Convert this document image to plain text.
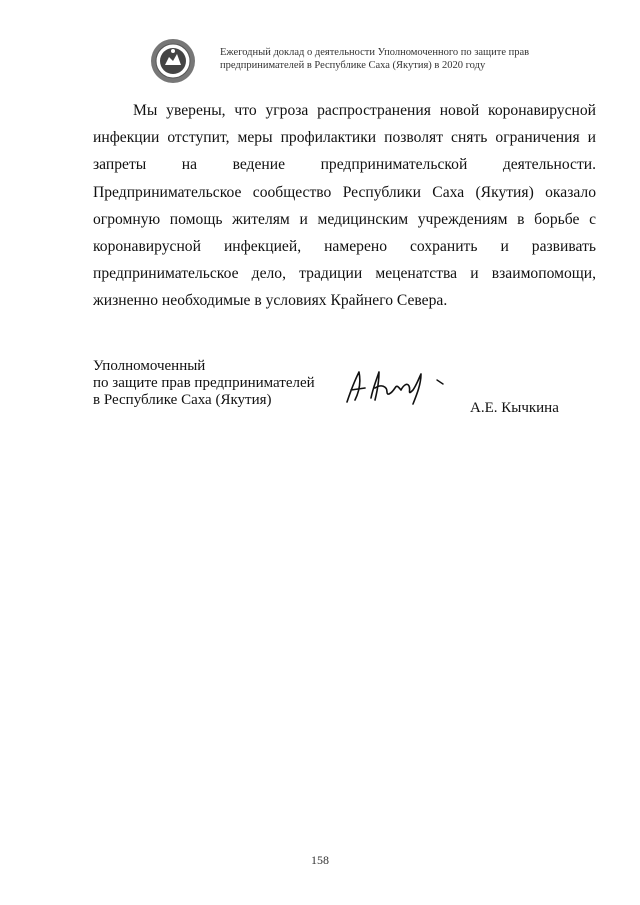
Ежегодный доклад о деятельности Уполномоченного по защите прав
предпринимателей в Республике Саха (Якутия) в 2020 году

Мы уверены, что угроза распространения новой коронавирусной инфекции отступит, меры профилактики позволят снять ограничения и запреты на ведение предпринимательской деятельности. Предпринимательское сообщество Республики Саха (Якутия) оказало огромную помощь жителям и медицинским учреждениям в борьбе с коронавирусной инфекцией, намерено сохранить и развивать предпринимательское дело, традиции меценатства и взаимопомощи, жизненно необходимые в условиях Крайнего Севера.

Уполномоченный
по защите прав предпринимателей
в Республике Саха (Якутия)	А.Е. Кычкина
158
